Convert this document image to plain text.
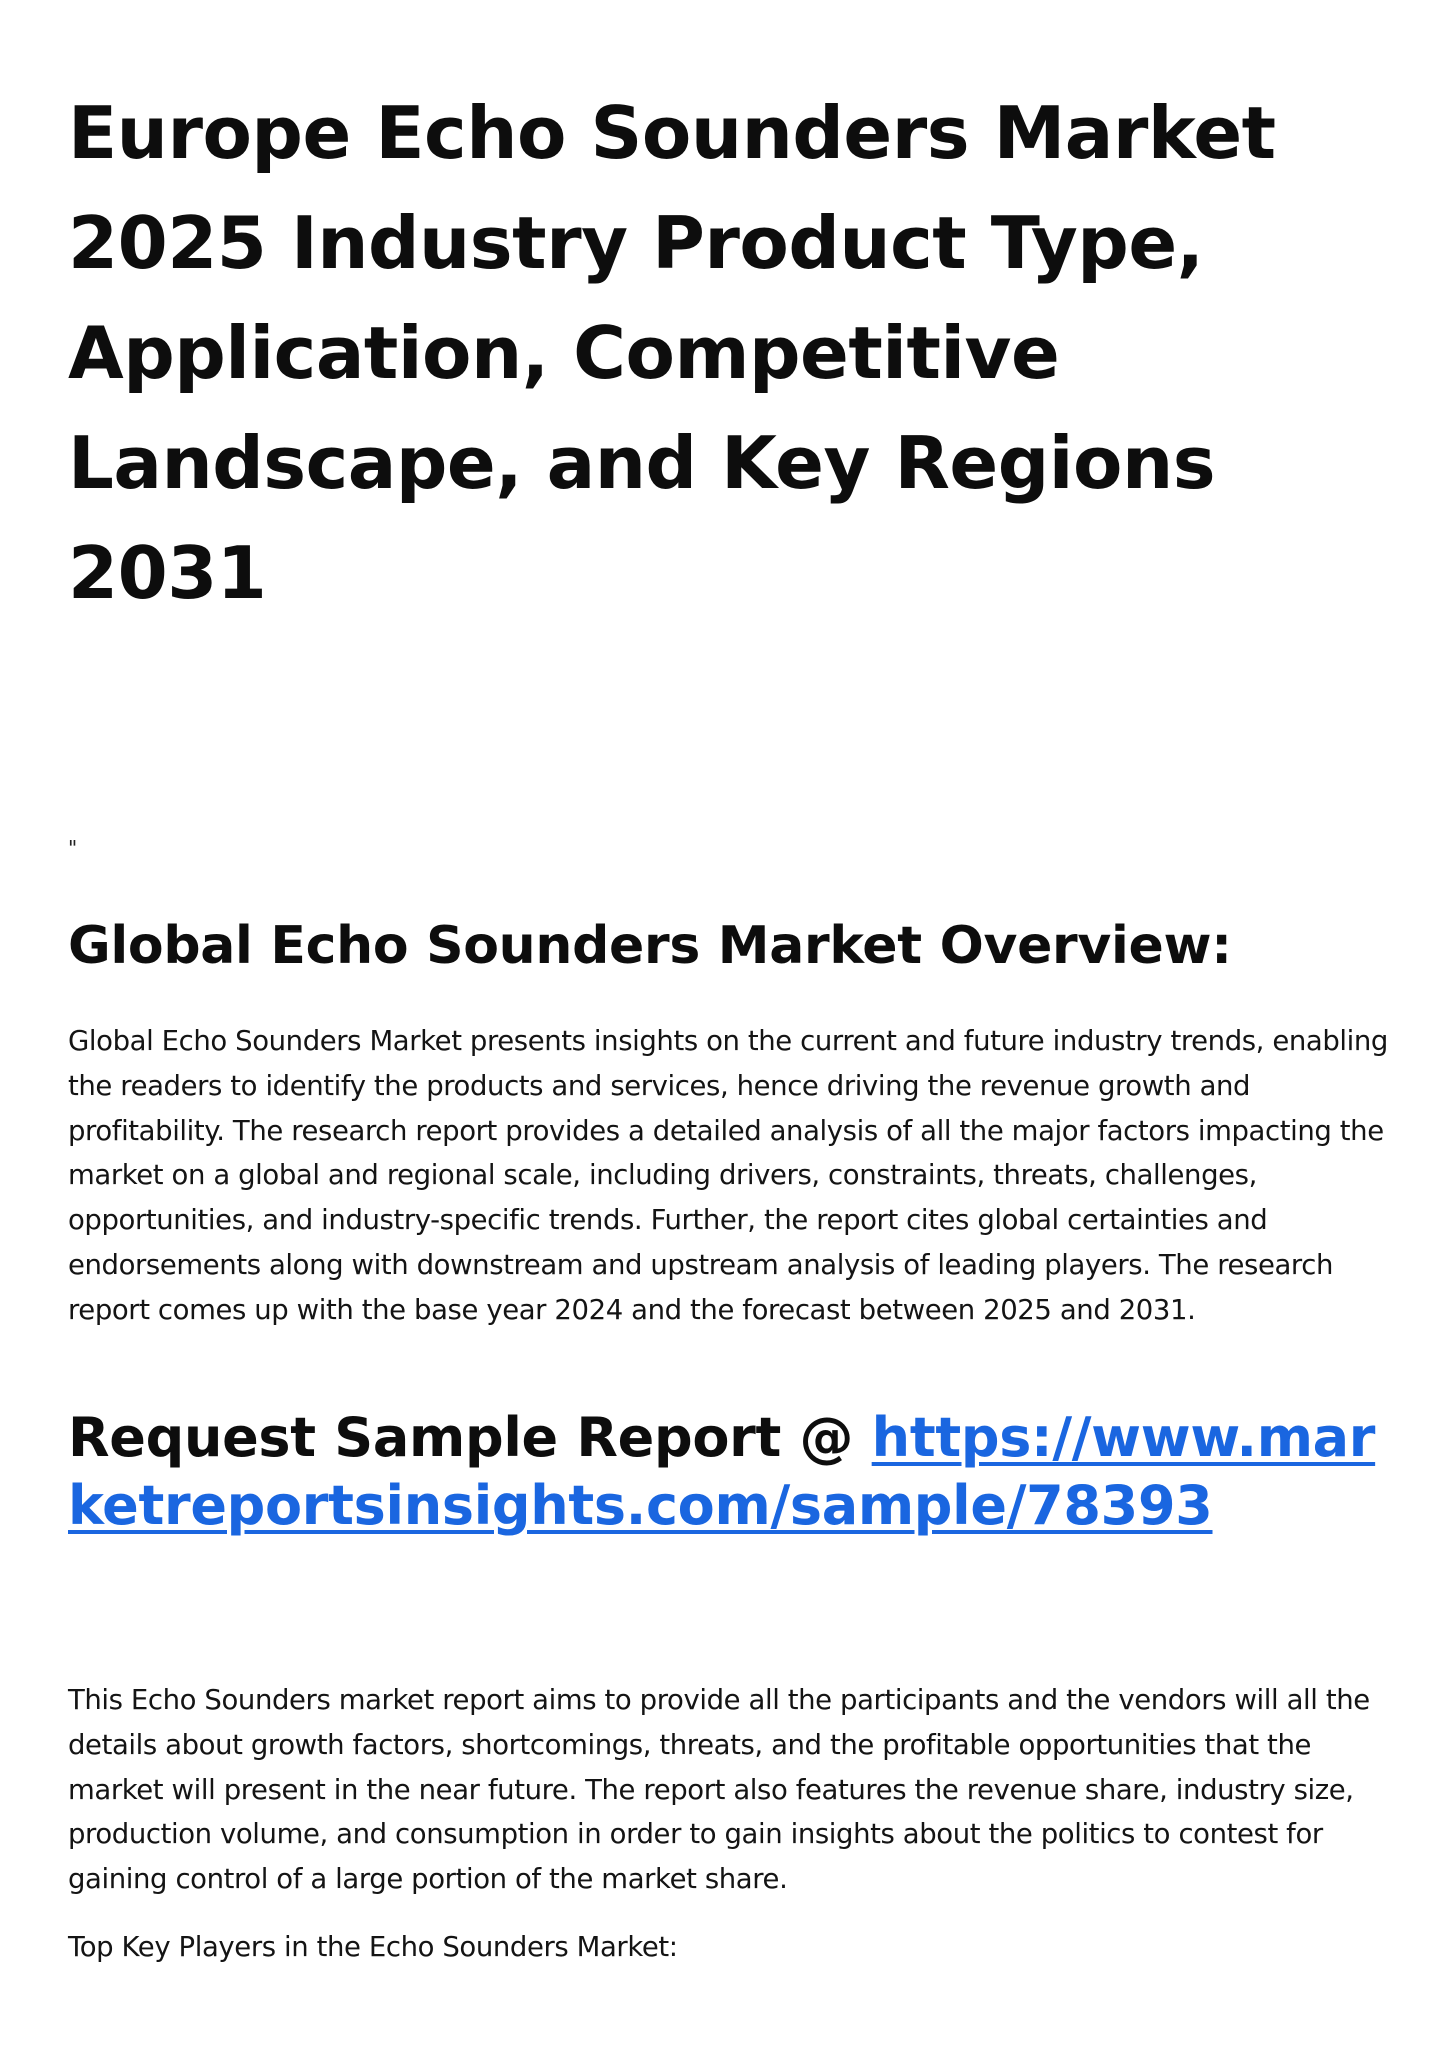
Europe Echo Sounders Market 2025 Industry Product Type, Application, Competitive Landscape, and Key Regions 2031
"
Global Echo Sounders Market Overview:

Global Echo Sounders Market presents insights on the current and future industry trends, enabling the readers to identify the products and services, hence driving the revenue growth and profitability. The research report provides a detailed analysis of all the major factors impacting the market on a global and regional scale, including drivers, constraints, threats, challenges, opportunities, and industry-specific trends. Further, the report cites global certainties and endorsements along with downstream and upstream analysis of leading players. The research report comes up with the base year 2024 and the forecast between 2025 and 2031.

Request Sample Report @ https://www.marketreportsinsights.com/sample/78393

This Echo Sounders market report aims to provide all the participants and the vendors will all the details about growth factors, shortcomings, threats, and the profitable opportunities that the market will present in the near future. The report also features the revenue share, industry size, production volume, and consumption in order to gain insights about the politics to contest for gaining control of a large portion of the market share.

Top Key Players in the Echo Sounders Market:
